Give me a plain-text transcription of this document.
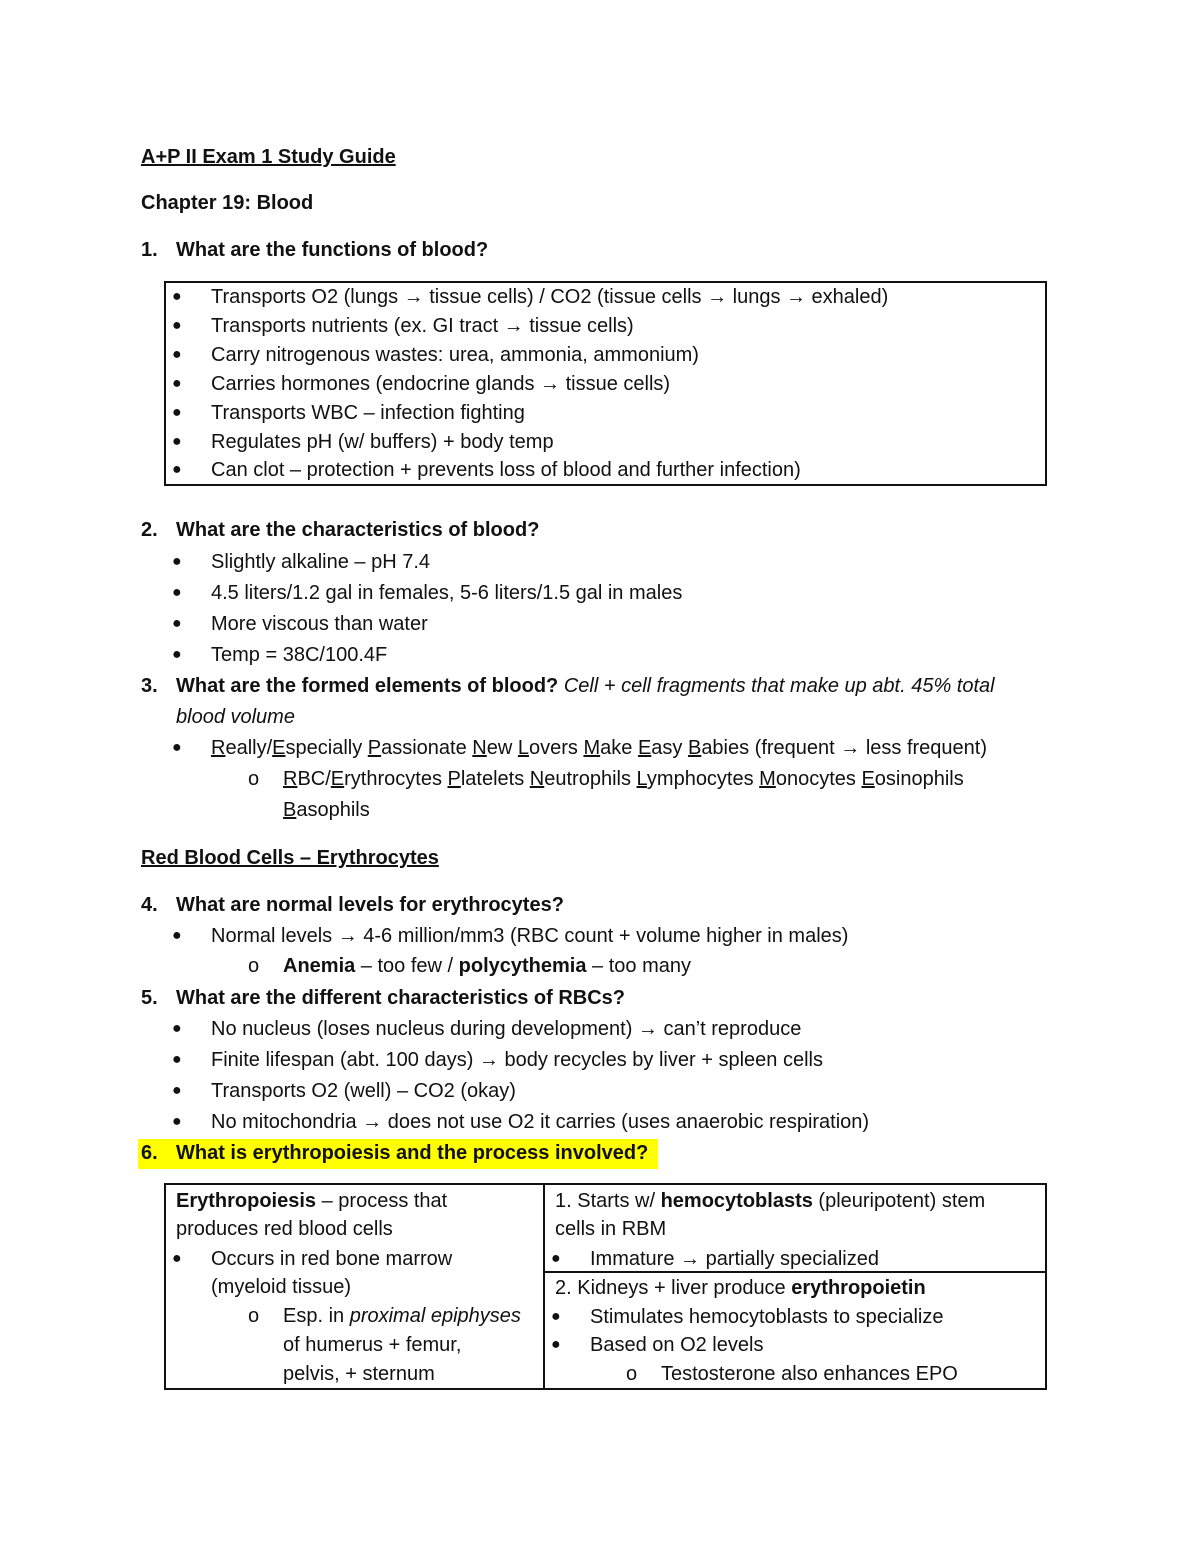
A+P II Exam 1 Study Guide
Chapter 19: Blood
1. What are the functions of blood?
● Transports O2 (lungs → tissue cells) / CO2 (tissue cells → lungs → exhaled)
● Transports nutrients (ex. GI tract → tissue cells)
● Carry nitrogenous wastes: urea, ammonia, ammonium)
● Carries hormones (endocrine glands → tissue cells)
● Transports WBC – infection fighting
● Regulates pH (w/ buffers) + body temp
● Can clot – protection + prevents loss of blood and further infection)
2. What are the characteristics of blood?
● Slightly alkaline – pH 7.4
● 4.5 liters/1.2 gal in females, 5-6 liters/1.5 gal in males
● More viscous than water
● Temp = 38C/100.4F
3. What are the formed elements of blood? Cell + cell fragments that make up abt. 45% total
blood volume
● Really/Especially Passionate New Lovers Make Easy Babies (frequent → less frequent)
o RBC/Erythrocytes Platelets Neutrophils Lymphocytes Monocytes Eosinophils
Basophils
Red Blood Cells – Erythrocytes
4. What are normal levels for erythrocytes?
● Normal levels → 4-6 million/mm3 (RBC count + volume higher in males)
o Anemia – too few / polycythemia – too many
5. What are the different characteristics of RBCs?
● No nucleus (loses nucleus during development) → can’t reproduce
● Finite lifespan (abt. 100 days) → body recycles by liver + spleen cells
● Transports O2 (well) – CO2 (okay)
● No mitochondria → does not use O2 it carries (uses anaerobic respiration)
6. What is erythropoiesis and the process involved?
Erythropoiesis – process that
produces red blood cells
● Occurs in red bone marrow
(myeloid tissue)
o Esp. in proximal epiphyses
of humerus + femur,
pelvis, + sternum
1. Starts w/ hemocytoblasts (pleuripotent) stem
cells in RBM
● Immature → partially specialized
2. Kidneys + liver produce erythropoietin
● Stimulates hemocytoblasts to specialize
● Based on O2 levels
o Testosterone also enhances EPO
